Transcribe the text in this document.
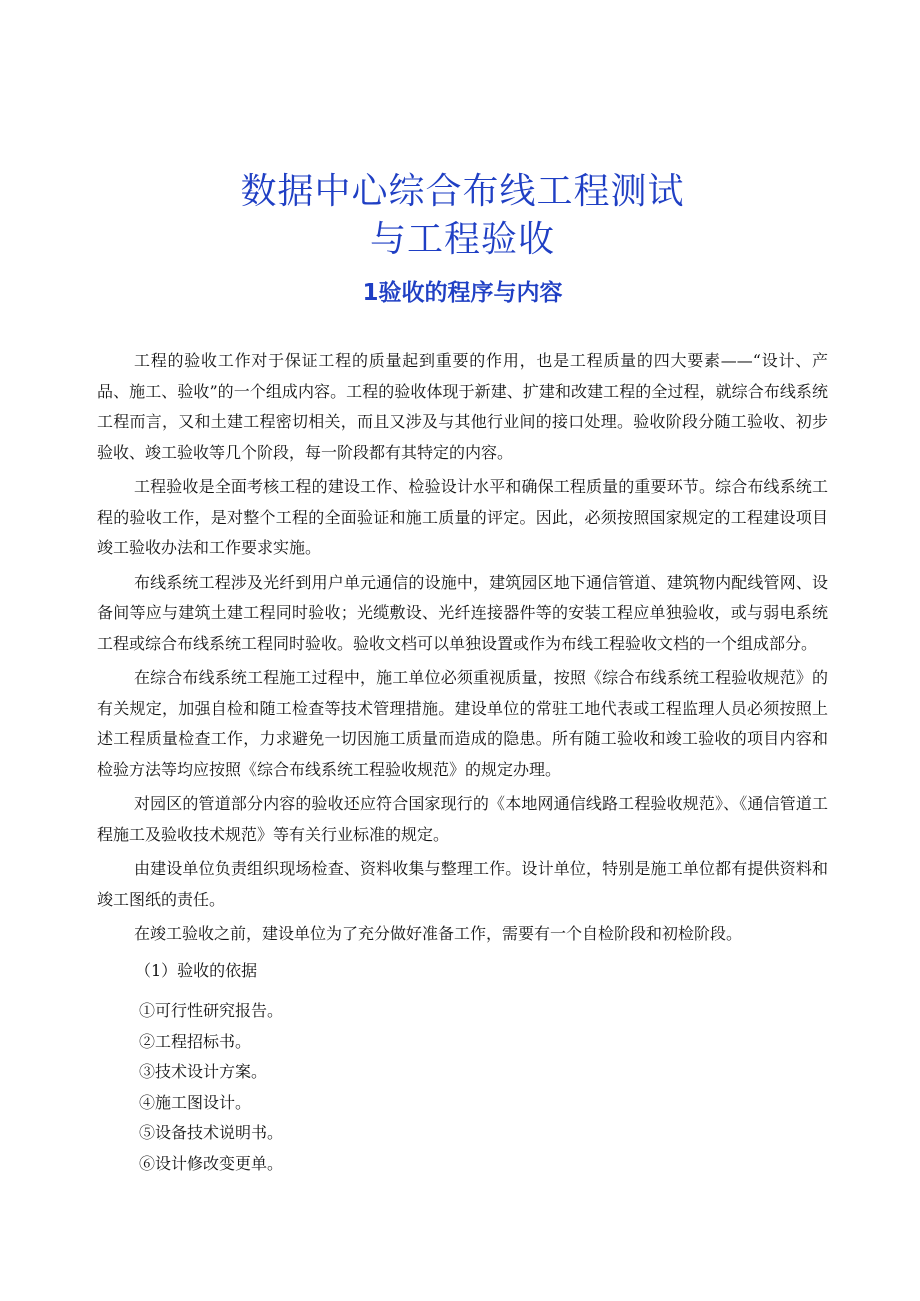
数据中心综合布线工程测试
与工程验收
1验收的程序与内容

工程的验收工作对于保证工程的质量起到重要的作用，也是工程质量的四大要素——“设计、产品、施工、验收”的一个组成内容。工程的验收体现于新建、扩建和改建工程的全过程，就综合布线系统工程而言，又和土建工程密切相关，而且又涉及与其他行业间的接口处理。验收阶段分随工验收、初步验收、竣工验收等几个阶段，每一阶段都有其特定的内容。

工程验收是全面考核工程的建设工作、检验设计水平和确保工程质量的重要环节。综合布线系统工程的验收工作，是对整个工程的全面验证和施工质量的评定。因此，必须按照国家规定的工程建设项目竣工验收办法和工作要求实施。

布线系统工程涉及光纤到用户单元通信的设施中，建筑园区地下通信管道、建筑物内配线管网、设备间等应与建筑土建工程同时验收；光缆敷设、光纤连接器件等的安装工程应单独验收，或与弱电系统工程或综合布线系统工程同时验收。验收文档可以单独设置或作为布线工程验收文档的一个组成部分。

在综合布线系统工程施工过程中，施工单位必须重视质量，按照《综合布线系统工程验收规范》的有关规定，加强自检和随工检查等技术管理措施。建设单位的常驻工地代表或工程监理人员必须按照上述工程质量检查工作，力求避免一切因施工质量而造成的隐患。所有随工验收和竣工验收的项目内容和检验方法等均应按照《综合布线系统工程验收规范》的规定办理。

对园区的管道部分内容的验收还应符合国家现行的《本地网通信线路工程验收规范》、《通信管道工程施工及验收技术规范》等有关行业标准的规定。

由建设单位负责组织现场检查、资料收集与整理工作。设计单位，特别是施工单位都有提供资料和竣工图纸的责任。

在竣工验收之前，建设单位为了充分做好准备工作，需要有一个自检阶段和初检阶段。

（1）验收的依据
①可行性研究报告。
②工程招标书。
③技术设计方案。
④施工图设计。
⑤设备技术说明书。
⑥设计修改变更单。
